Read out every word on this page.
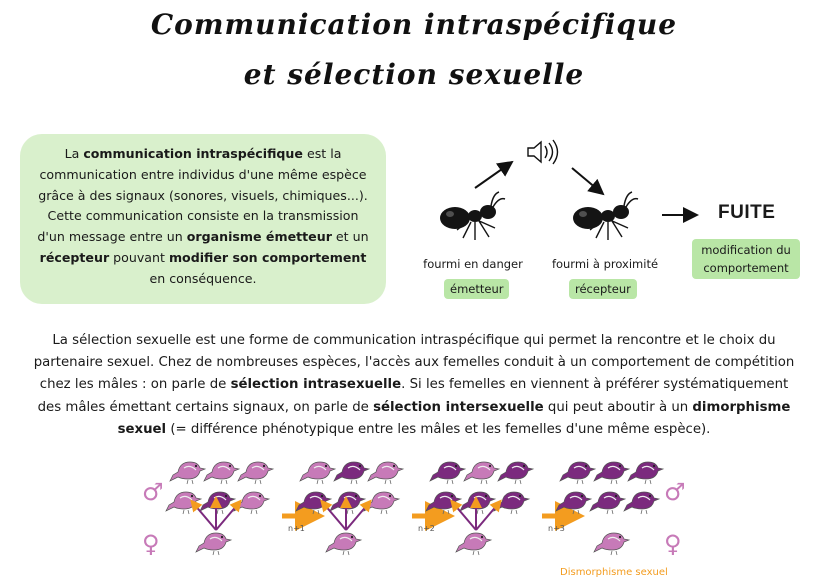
Communication intraspécifique
et sélection sexuelle
La communication intraspécifique est la communication entre individus d'une même espèce grâce à des signaux (sonores, visuels, chimiques...). Cette communication consiste en la transmission d'un message entre un organisme émetteur et un récepteur pouvant modifier son comportement en conséquence.
n+1	n+2	n+3
♂	♂
♀	♀
Dismorphisme sexuel
fourmi en danger
émetteur
fourmi à proximité
récepteur
FUITE
modification du comportement
La sélection sexuelle est une forme de communication intraspécifique qui permet la rencontre et le choix du partenaire sexuel. Chez de nombreuses espèces, l'accès aux femelles conduit à un comportement de compétition chez les mâles : on parle de sélection intrasexuelle. Si les femelles en viennent à préférer systématiquement des mâles émettant certains signaux, on parle de sélection intersexuelle qui peut aboutir à un dimorphisme sexuel (= différence phénotypique entre les mâles et les femelles d'une même espèce).
